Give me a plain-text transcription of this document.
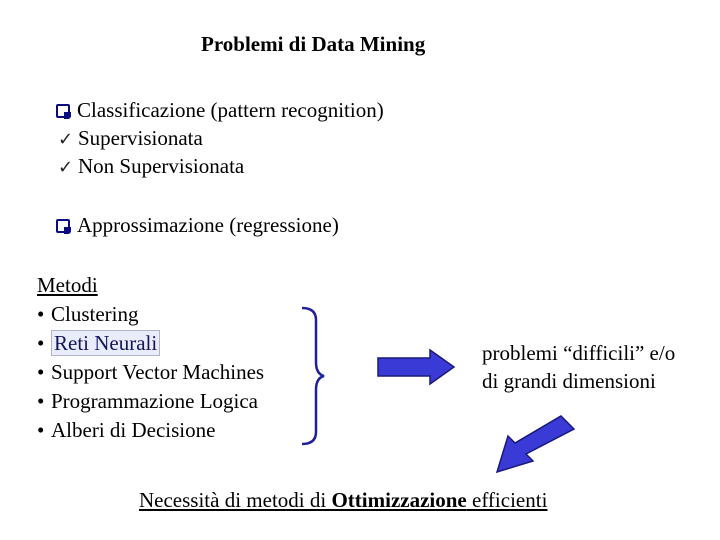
Problemi di Data Mining
Classificazione (pattern recognition)
✓ Supervisionata
✓ Non Supervisionata
Approssimazione (regressione)
Metodi
• Clustering
• Reti Neurali
• Support Vector Machines
• Programmazione Logica
• Alberi di Decisione
problemi “difficili” e/o
di grandi dimensioni
Necessità di metodi di Ottimizzazione efficienti
